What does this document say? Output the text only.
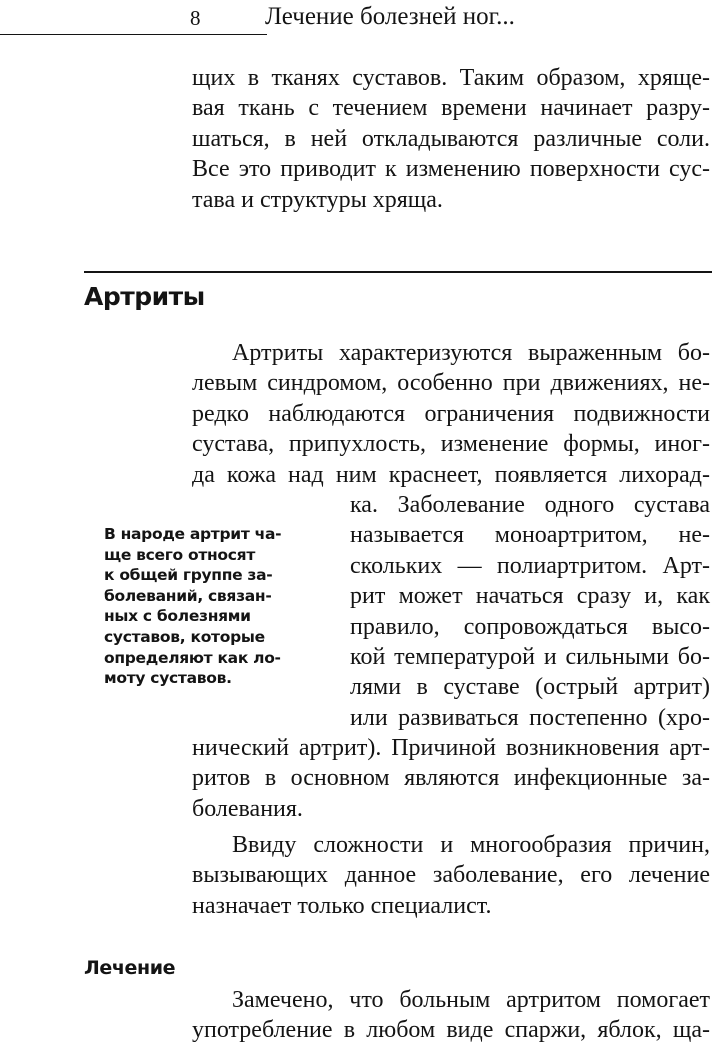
8	Лечение болезней ног...

щих в тканях суставов. Таким образом, хряще-
вая ткань с течением времени начинает разру-
шаться, в ней откладываются различные соли.
Все это приводит к изменению поверхности сус-
тава и структуры хряща.

Артриты

Артриты характеризуются выраженным бо-
левым синдромом, особенно при движениях, не-
редко наблюдаются ограничения подвижности
сустава, припухлость, изменение формы, иног-
да кожа над ним краснеет, появляется лихорад-

ка. Заболевание одного сустава
называется моноартритом, не-
скольких — полиартритом. Арт-
рит может начаться сразу и, как
правило, сопровождаться высо-
кой температурой и сильными бо-
лями в суставе (острый артрит)
или развиваться постепенно (хро-

В народе артрит ча-
ще всего относят
к общей группе за-
болеваний, связан-
ных с болезнями
суставов, которые
определяют как ло-
моту суставов.

нический артрит). Причиной возникновения арт-
ритов в основном являются инфекционные за-
болевания.

Ввиду сложности и многообразия причин,
вызывающих данное заболевание, его лечение
назначает только специалист.

Лечение

Замечено, что больным артритом помогает
употребление в любом виде спаржи, яблок, ща-
